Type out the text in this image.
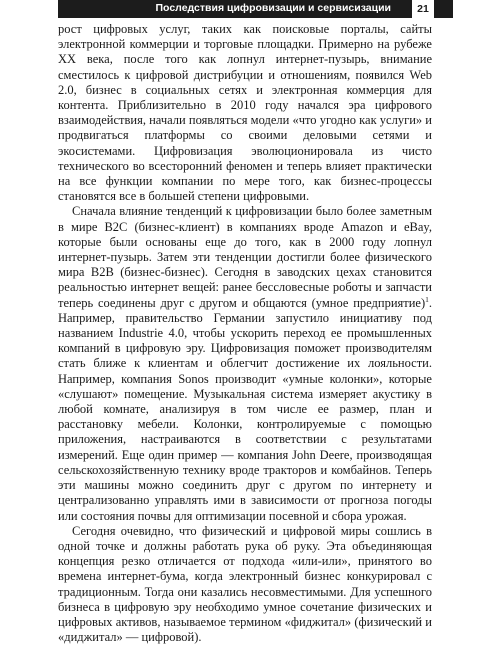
Последствия цифровизации и сервисизации	21

рост цифровых услуг, таких как поисковые порталы, сайты электронной коммерции и торговые площадки. Примерно на рубеже XX века, после того как лопнул интернет-пузырь, внимание сместилось к цифровой дистрибуции и отношениям, появился Web 2.0, бизнес в социальных сетях и электронная коммерция для контента. Приблизительно в 2010 году начался эра цифрового взаимодействия, начали появляться модели «что угодно как услуги» и продвигаться платформы со своими деловыми сетями и экосистемами. Цифровизация эволюционировала из чисто технического во всесторонний феномен и теперь влияет практически на все функции компании по мере того, как бизнес-процессы становятся все в большей степени цифровыми.

Сначала влияние тенденций к цифровизации было более заметным в мире B2C (бизнес-клиент) в компаниях вроде Amazon и eBay, которые были основаны еще до того, как в 2000 году лопнул интернет-пузырь. Затем эти тенденции достигли более физического мира B2B (бизнес-бизнес). Сегодня в заводских цехах становится реальностью интернет вещей: ранее бессловесные роботы и запчасти теперь соединены друг с другом и общаются (умное предприятие)$^1$. Например, правительство Германии запустило инициативу под названием Industrie 4.0, чтобы ускорить переход ее промышленных компаний в цифровую эру. Цифровизация поможет производителям стать ближе к клиентам и облегчит достижение их лояльности. Например, компания Sonos производит «умные колонки», которые «слушают» помещение. Музыкальная система измеряет акустику в любой комнате, анализируя в том числе ее размер, план и расстановку мебели. Колонки, контролируемые с помощью приложения, настраиваются в соответствии с результатами измерений. Еще один пример — компания John Deere, производящая сельскохозяйственную технику вроде тракторов и комбайнов. Теперь эти машины можно соединить друг с другом по интернету и централизованно управлять ими в зависимости от прогноза погоды или состояния почвы для оптимизации посевной и сбора урожая.

Сегодня очевидно, что физический и цифровой миры сошлись в одной точке и должны работать рука об руку. Эта объединяющая концепция резко отличается от подхода «или-или», принятого во времена интернет-бума, когда электронный бизнес конкурировал с традиционным. Тогда они казались несовместимыми. Для успешного бизнеса в цифровую эру необходимо умное сочетание физических и цифровых активов, называемое термином «фиджитал» (физический и «диджитал» — цифровой).
